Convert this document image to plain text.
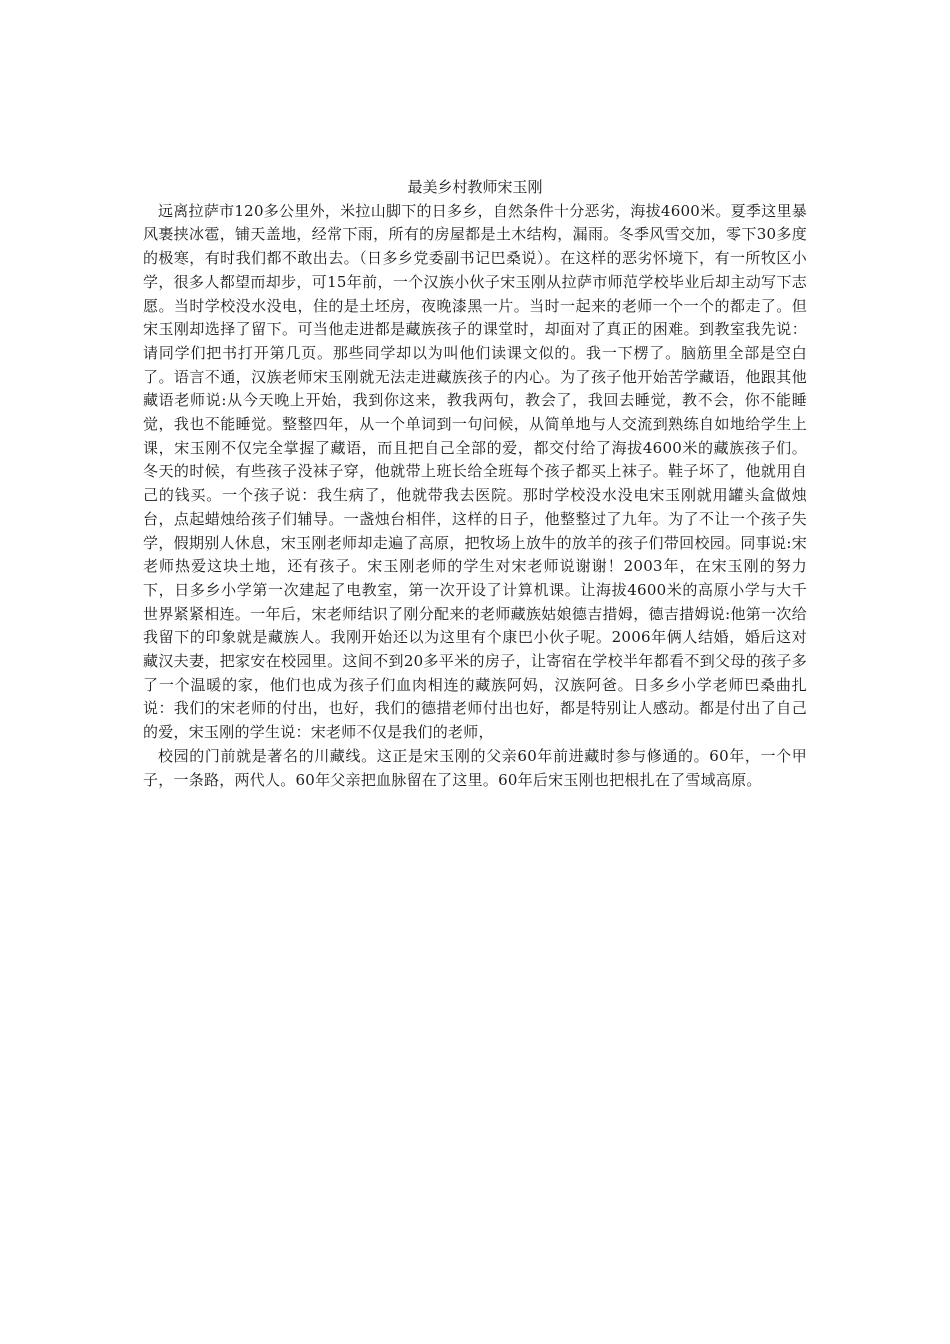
最美乡村教师宋玉刚

远离拉萨市120多公里外，米拉山脚下的日多乡，自然条件十分恶劣，海拔4600米。夏季这里暴风裹挟冰雹，铺天盖地，经常下雨，所有的房屋都是土木结构，漏雨。冬季风雪交加，零下30多度的极寒，有时我们都不敢出去。（日多乡党委副书记巴桑说）。在这样的恶劣怀境下，有一所牧区小学，很多人都望而却步，可15年前，一个汉族小伙子宋玉刚从拉萨市师范学校毕业后却主动写下志愿。当时学校没水没电，住的是土坯房，夜晚漆黑一片。当时一起来的老师一个一个的都走了。但宋玉刚却选择了留下。可当他走进都是藏族孩子的课堂时，却面对了真正的困难。到教室我先说：请同学们把书打开第几页。那些同学却以为叫他们读课文似的。我一下楞了。脑筋里全部是空白了。语言不通，汉族老师宋玉刚就无法走进藏族孩子的内心。为了孩子他开始苦学藏语，他跟其他藏语老师说:从今天晚上开始，我到你这来，教我两句，教会了，我回去睡觉，教不会，你不能睡觉，我也不能睡觉。整整四年，从一个单词到一句问候，从简单地与人交流到熟练自如地给学生上课，宋玉刚不仅完全掌握了藏语，而且把自己全部的爱，都交付给了海拔4600米的藏族孩子们。冬天的时候，有些孩子没袜子穿，他就带上班长给全班每个孩子都买上袜子。鞋子坏了，他就用自己的钱买。一个孩子说：我生病了，他就带我去医院。那时学校没水没电宋玉刚就用罐头盒做烛台，点起蜡烛给孩子们辅导。一盏烛台相伴，这样的日子，他整整过了九年。为了不让一个孩子失学，假期别人休息，宋玉刚老师却走遍了高原，把牧场上放牛的放羊的孩子们带回校园。同事说:宋老师热爱这块土地，还有孩子。宋玉刚老师的学生对宋老师说谢谢！2003年，在宋玉刚的努力下，日多乡小学第一次建起了电教室，第一次开设了计算机课。让海拔4600米的高原小学与大千世界紧紧相连。一年后，宋老师结识了刚分配来的老师藏族姑娘德吉措姆，德吉措姆说:他第一次给我留下的印象就是藏族人。我刚开始还以为这里有个康巴小伙子呢。2006年俩人结婚，婚后这对藏汉夫妻，把家安在校园里。这间不到20多平米的房子，让寄宿在学校半年都看不到父母的孩子多了一个温暖的家，他们也成为孩子们血肉相连的藏族阿妈，汉族阿爸。日多乡小学老师巴桑曲扎说：我们的宋老师的付出，也好，我们的德措老师付出也好，都是特别让人感动。都是付出了自己的爱，宋玉刚的学生说：宋老师不仅是我们的老师，

校园的门前就是著名的川藏线。这正是宋玉刚的父亲60年前进藏时参与修通的。60年，一个甲子，一条路，两代人。60年父亲把血脉留在了这里。60年后宋玉刚也把根扎在了雪域高原。
